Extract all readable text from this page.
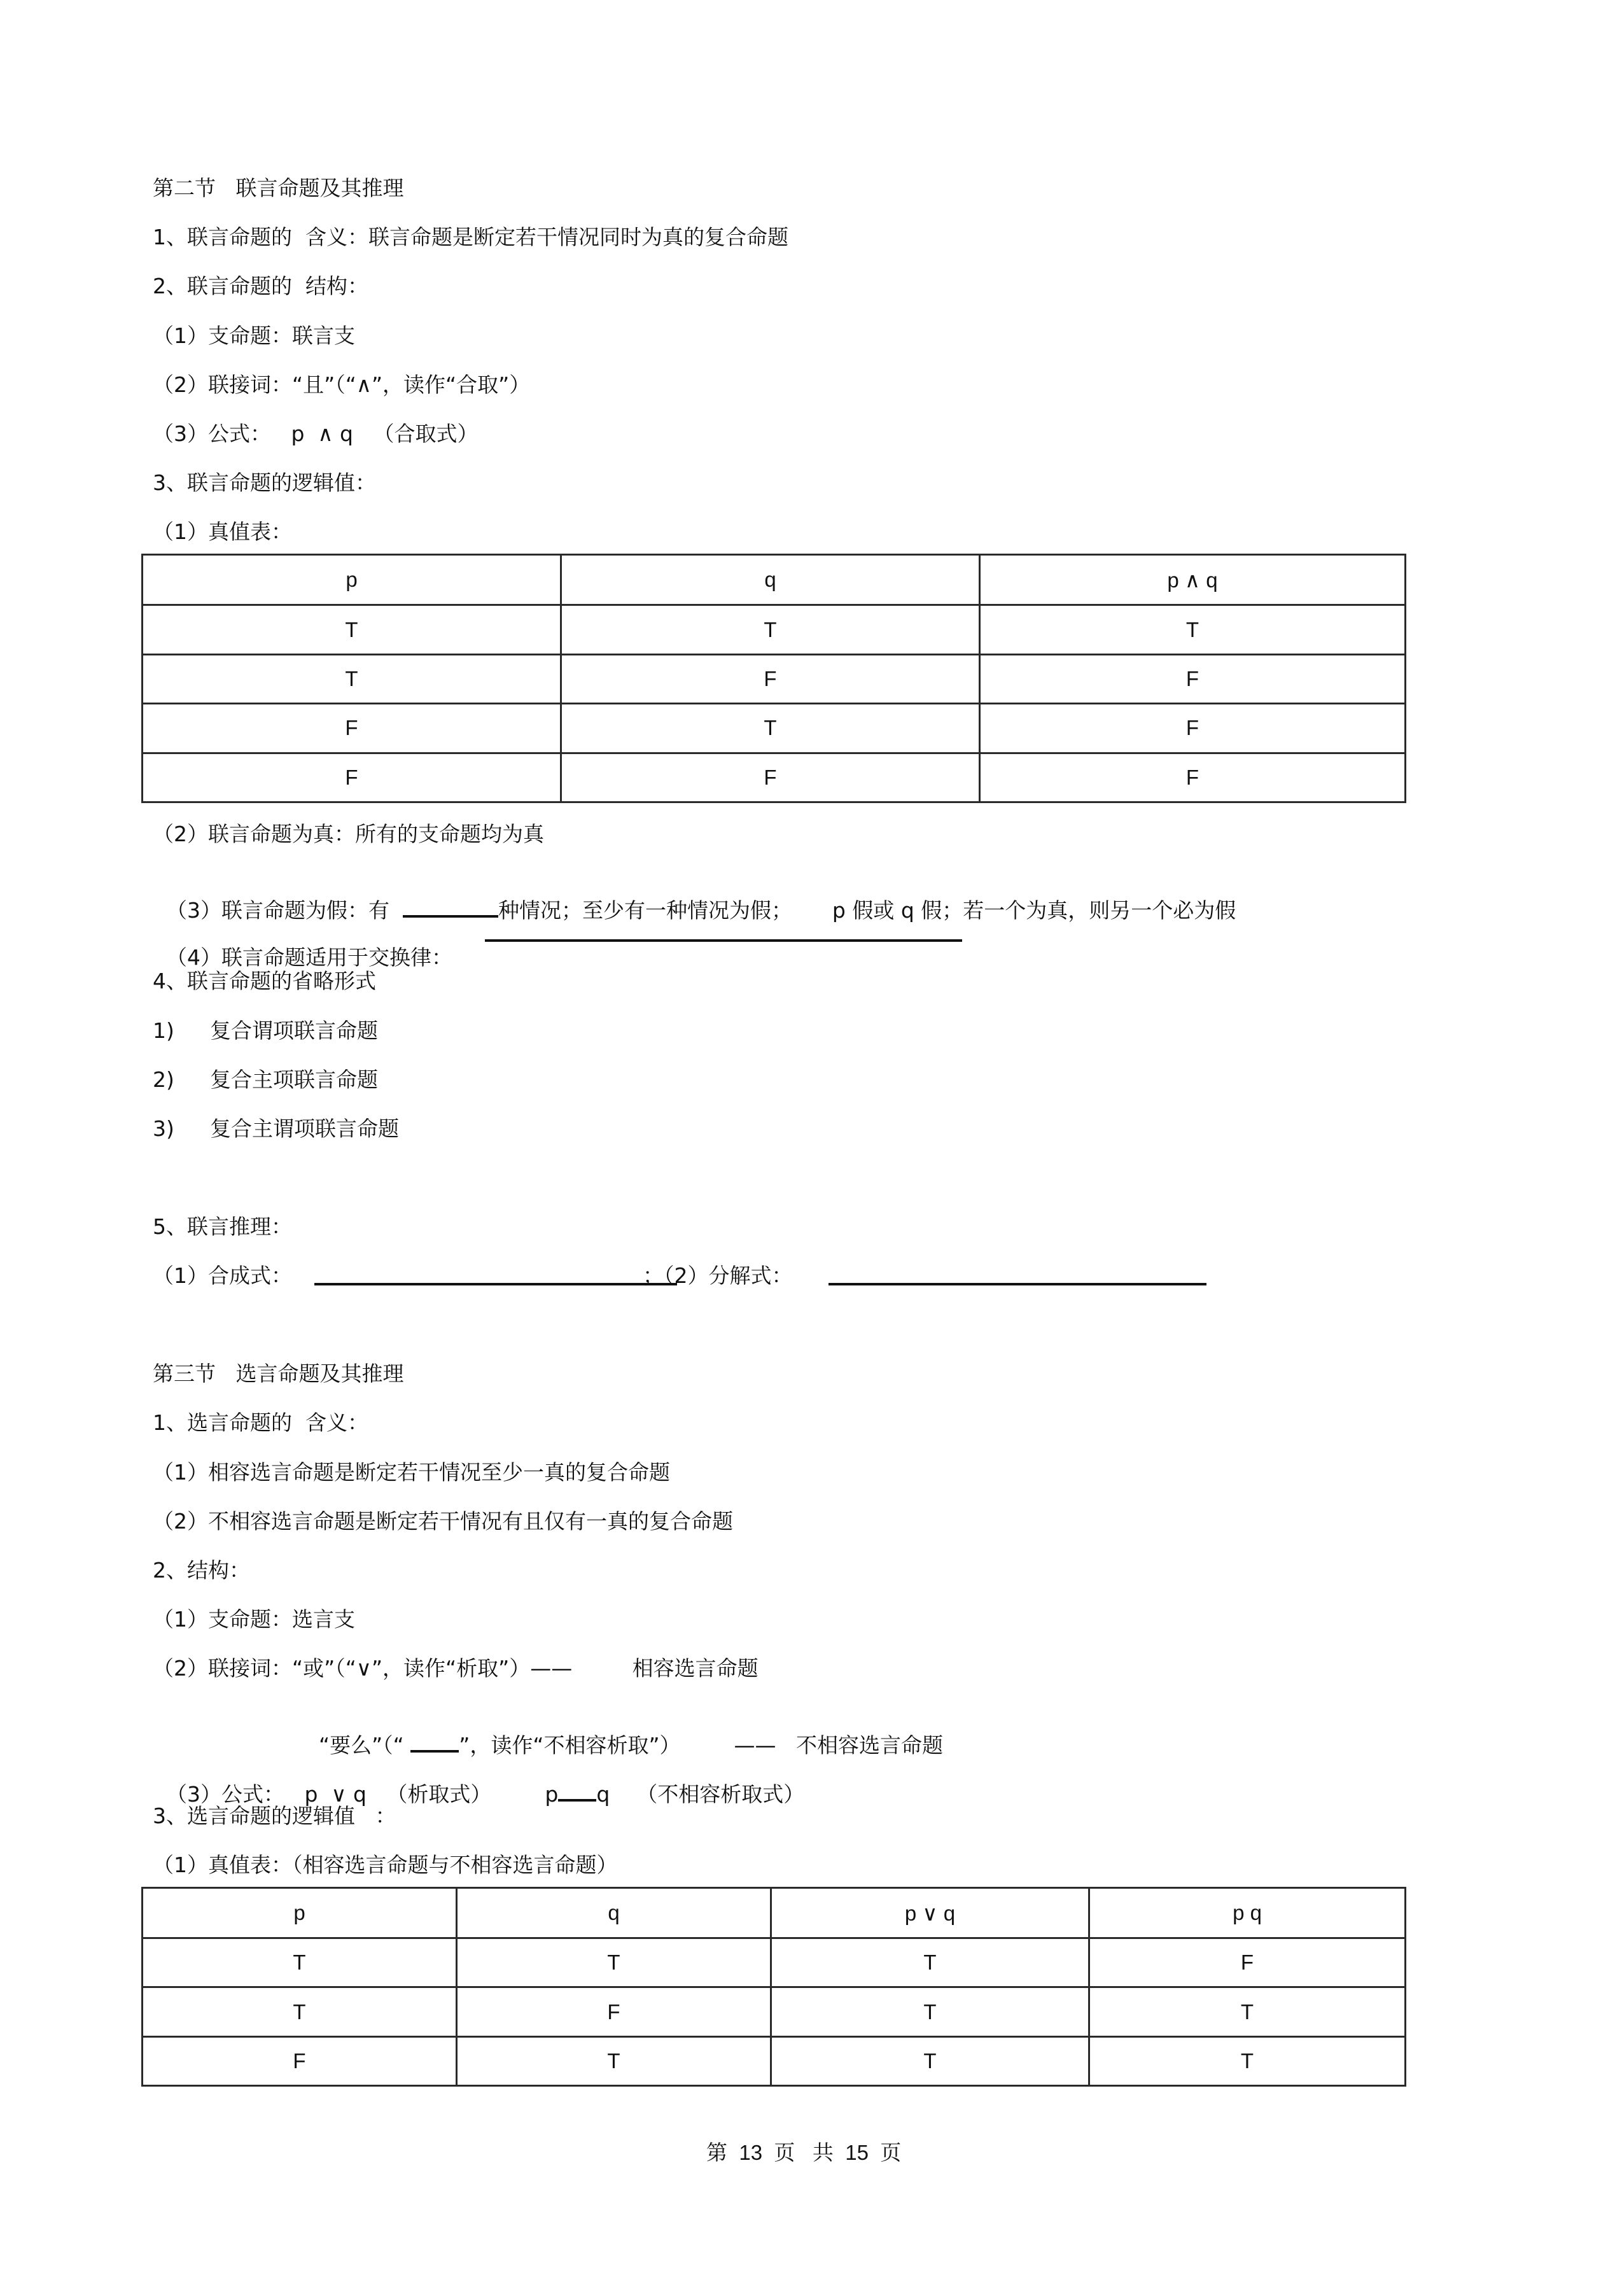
第二节   联言命题及其推理
1、联言命题的  含义：联言命题是断定若干情况同时为真的复合命题
2、联言命题的  结构：
（1）支命题：联言支
（2）联接词：“且”（“∧”，读作“合取”）
（3）公式：   p  ∧ q   （合取式）
3、联言命题的逻辑值：
（1）真值表：
p	q	p ∧ q
T	T	T
T	F	F
F	T	F
F	F	F
（2）联言命题为真：所有的支命题均为真

（3）联言命题为假：有	种情况；至少有一种情况为假；      p 假或 q 假；若一个为真，则另一个必为假

（4）联言命题适用于交换律：

4、联言命题的省略形式
1) 复合谓项联言命题
2) 复合主项联言命题
3) 复合主谓项联言命题
5、联言推理：
（1）合成式：	；（2）分解式：
第三节   选言命题及其推理
1、选言命题的  含义：
（1）相容选言命题是断定若干情况至少一真的复合命题
（2）不相容选言命题是断定若干情况有且仅有一真的复合命题
2、结构：
（1）支命题：选言支
（2）联接词：“或”（“∨”，读作“析取”）——         相容选言命题

“要么”（“ ”，读作“不相容析取”）        ——   不相容选言命题

（3）公式：   p  ∨ q   （析取式）        p q    （不相容析取式）

3、选言命题的逻辑值   ：
（1）真值表：（相容选言命题与不相容选言命题）
p	q	p ∨ q	p q
T	T	T	F
T	F	T	T
F	T	T	T
第  13  页   共  15  页
